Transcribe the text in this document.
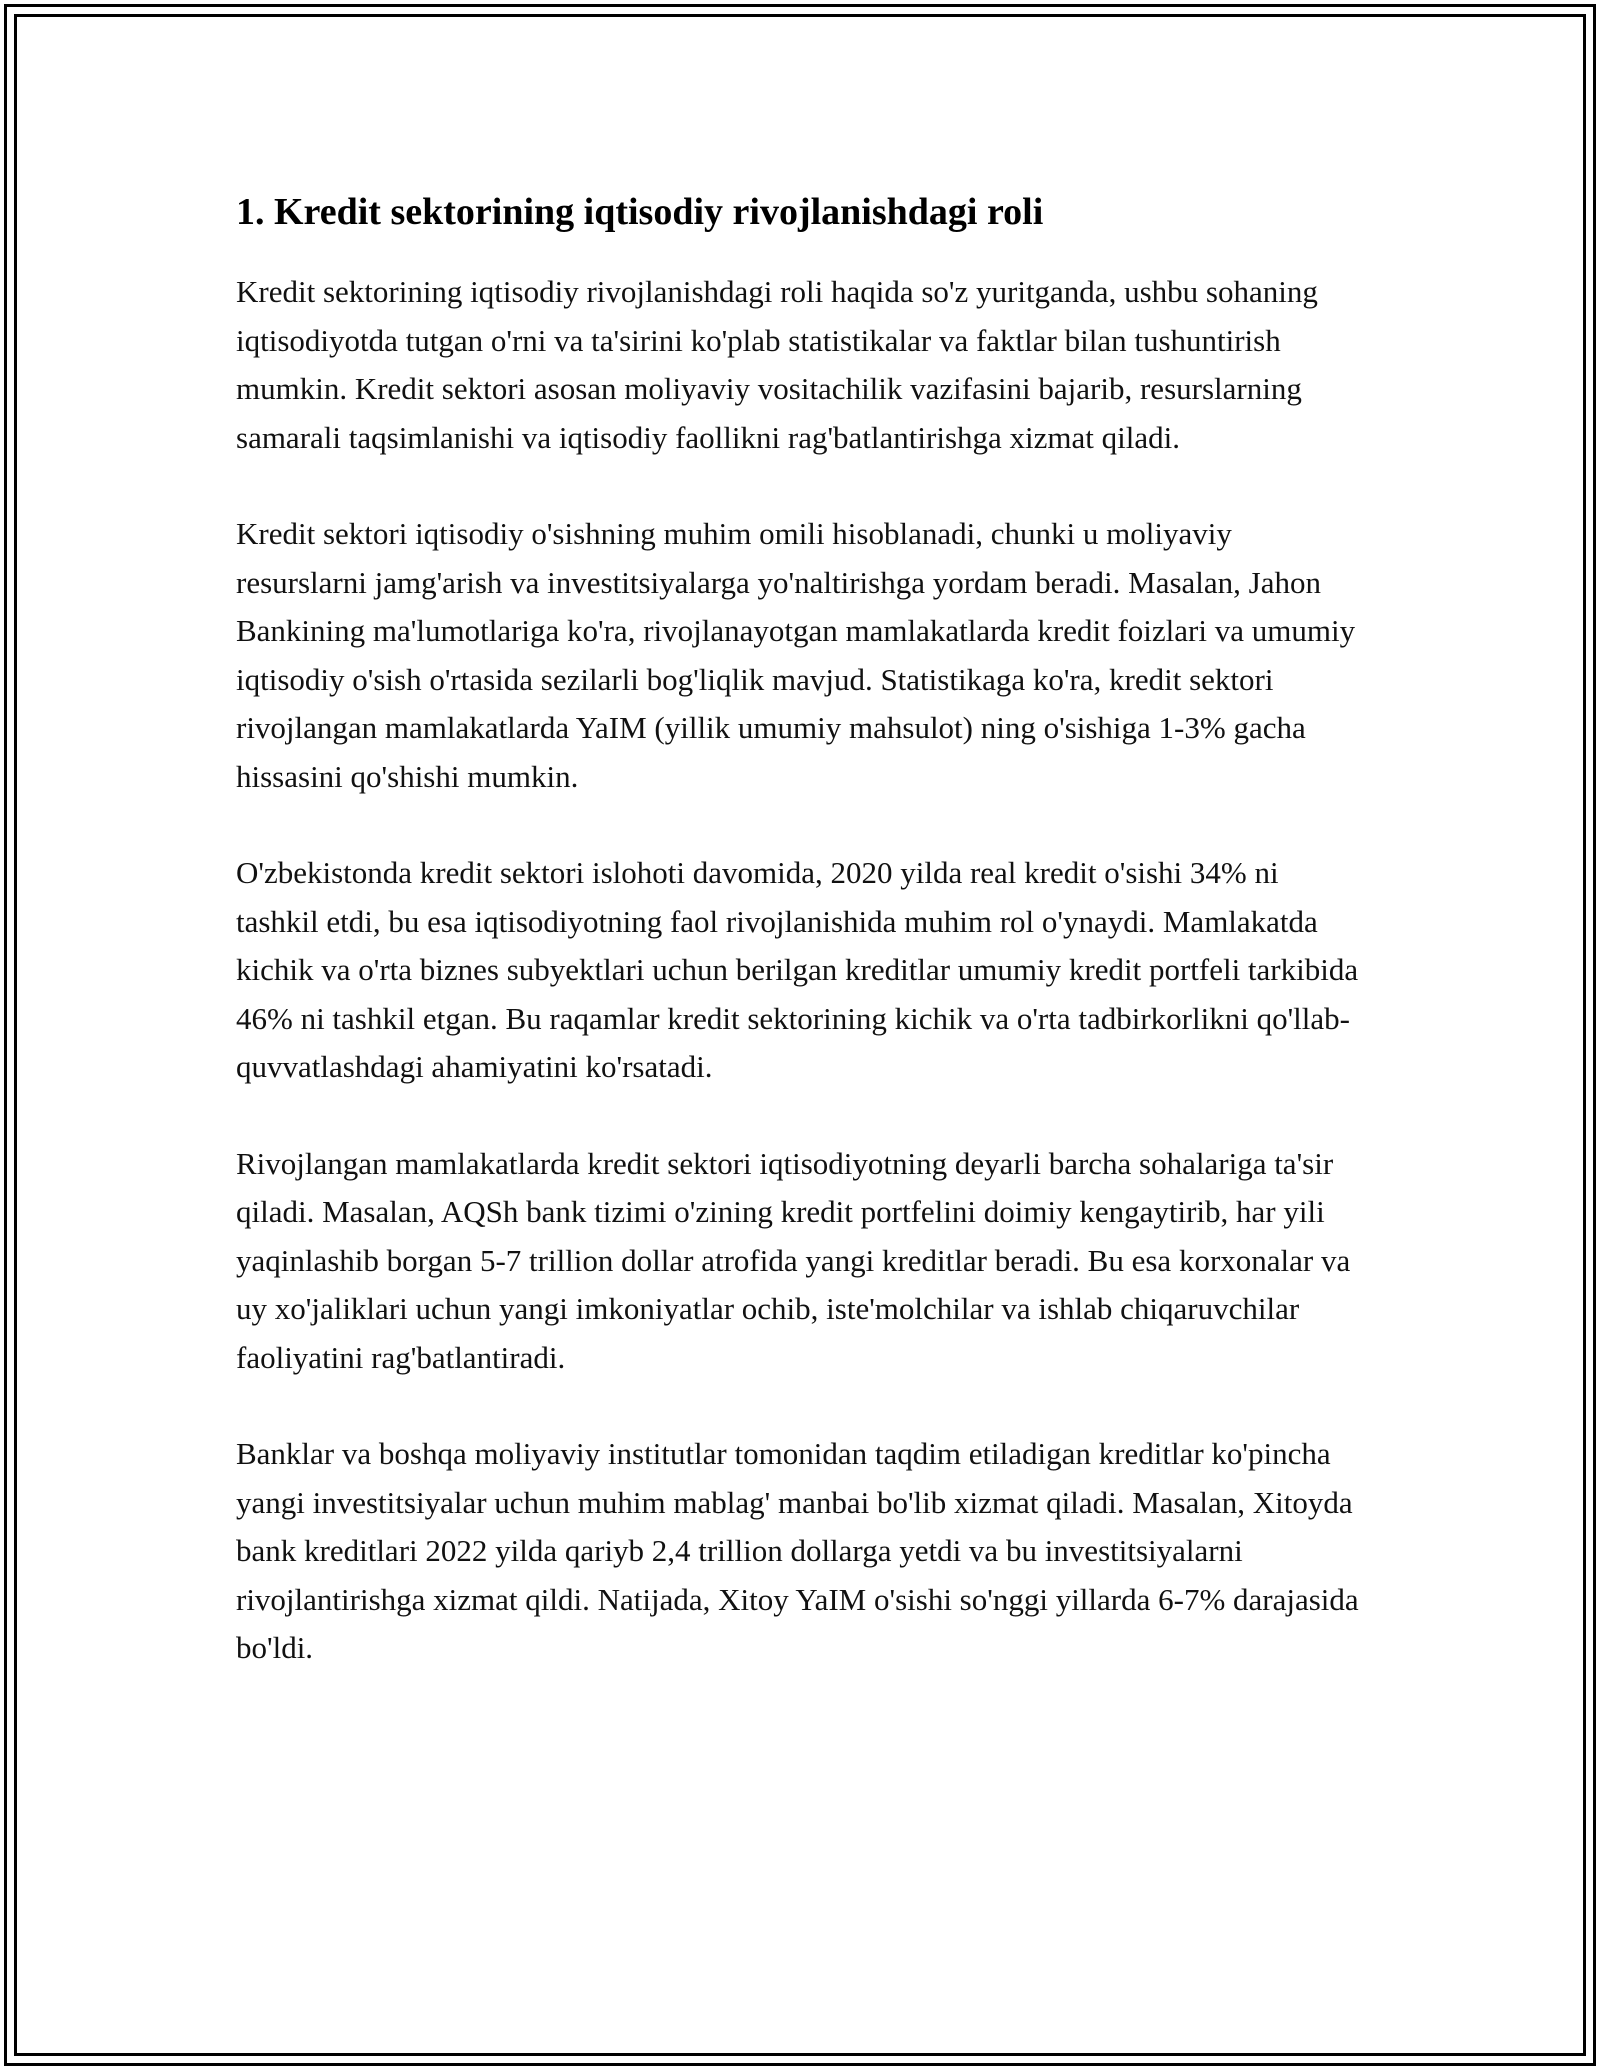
1. Kredit sektorining iqtisodiy rivojlanishdagi roli

Kredit sektorining iqtisodiy rivojlanishdagi roli haqida so'z yuritganda, ushbu sohaning iqtisodiyotda tutgan o'rni va ta'sirini ko'plab statistikalar va faktlar bilan tushuntirish mumkin. Kredit sektori asosan moliyaviy vositachilik vazifasini bajarib, resurslarning samarali taqsimlanishi va iqtisodiy faollikni rag'batlantirishga xizmat qiladi.

Kredit sektori iqtisodiy o'sishning muhim omili hisoblanadi, chunki u moliyaviy resurslarni jamg'arish va investitsiyalarga yo'naltirishga yordam beradi. Masalan, Jahon Bankining ma'lumotlariga ko'ra, rivojlanayotgan mamlakatlarda kredit foizlari va umumiy iqtisodiy o'sish o'rtasida sezilarli bog'liqlik mavjud. Statistikaga ko'ra, kredit sektori rivojlangan mamlakatlarda YaIM (yillik umumiy mahsulot) ning o'sishiga 1-3% gacha hissasini qo'shishi mumkin.

O'zbekistonda kredit sektori islohoti davomida, 2020 yilda real kredit o'sishi 34% ni tashkil etdi, bu esa iqtisodiyotning faol rivojlanishida muhim rol o'ynaydi. Mamlakatda kichik va o'rta biznes subyektlari uchun berilgan kreditlar umumiy kredit portfeli tarkibida 46% ni tashkil etgan. Bu raqamlar kredit sektorining kichik va o'rta tadbirkorlikni qo'llab-quvvatlashdagi ahamiyatini ko'rsatadi.

Rivojlangan mamlakatlarda kredit sektori iqtisodiyotning deyarli barcha sohalariga ta'sir qiladi. Masalan, AQSh bank tizimi o'zining kredit portfelini doimiy kengaytirib, har yili yaqinlashib borgan 5-7 trillion dollar atrofida yangi kreditlar beradi. Bu esa korxonalar va uy xo'jaliklari uchun yangi imkoniyatlar ochib, iste'molchilar va ishlab chiqaruvchilar faoliyatini rag'batlantiradi.

Banklar va boshqa moliyaviy institutlar tomonidan taqdim etiladigan kreditlar ko'pincha yangi investitsiyalar uchun muhim mablag' manbai bo'lib xizmat qiladi. Masalan, Xitoyda bank kreditlari 2022 yilda qariyb 2,4 trillion dollarga yetdi va bu investitsiyalarni rivojlantirishga xizmat qildi. Natijada, Xitoy YaIM o'sishi so'nggi yillarda 6-7% darajasida bo'ldi.
